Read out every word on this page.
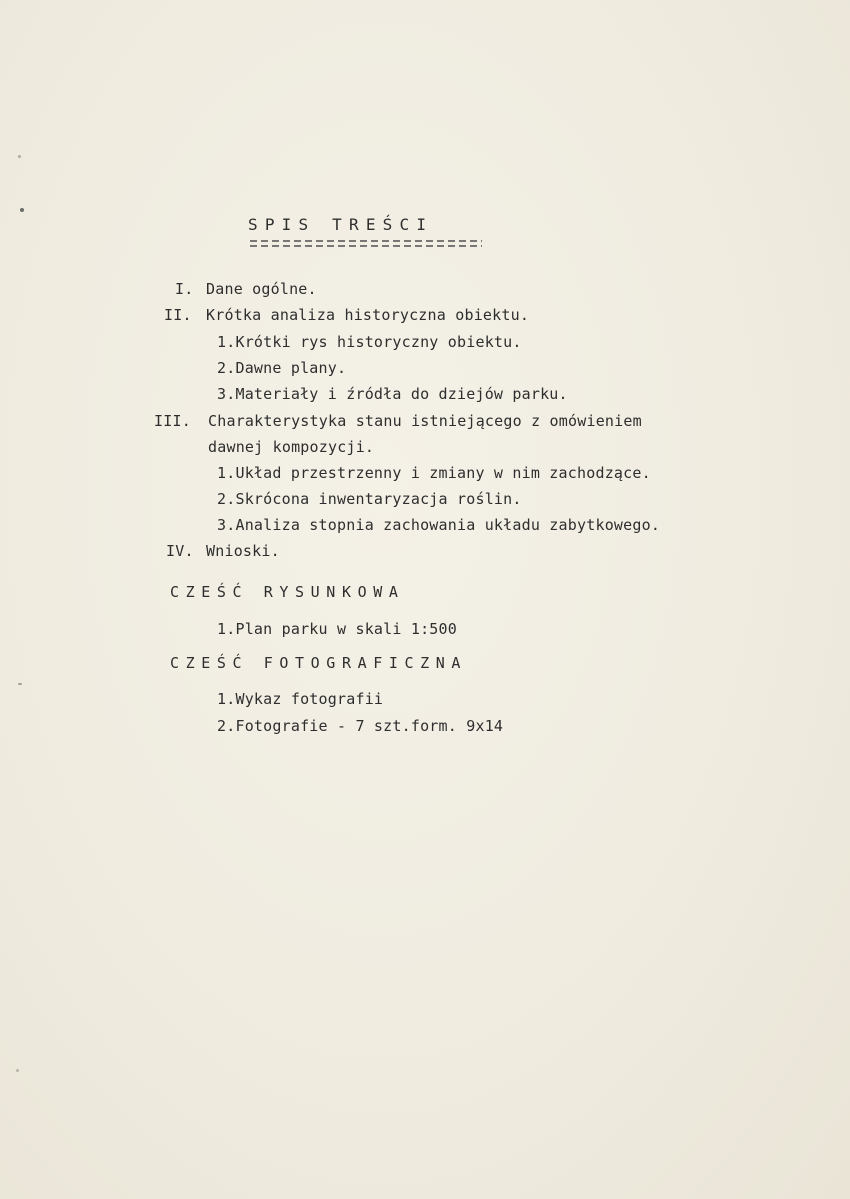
SPIS TREŚCI
I. Dane ogólne.
II. Krótka analiza historyczna obiektu.
1.Krótki rys historyczny obiektu.
2.Dawne plany.
3.Materiały i źródła do dziejów parku.
III. Charakterystyka stanu istniejącego z omówieniem
dawnej kompozycji.
1.Układ przestrzenny i zmiany w nim zachodzące.
2.Skrócona inwentaryzacja roślin.
3.Analiza stopnia zachowania układu zabytkowego.
IV. Wnioski.
CZEŚĆ RYSUNKOWA
1.Plan parku w skali 1:500
CZEŚĆ FOTOGRAFICZNA
1.Wykaz fotografii
2.Fotografie - 7 szt.form. 9x14
